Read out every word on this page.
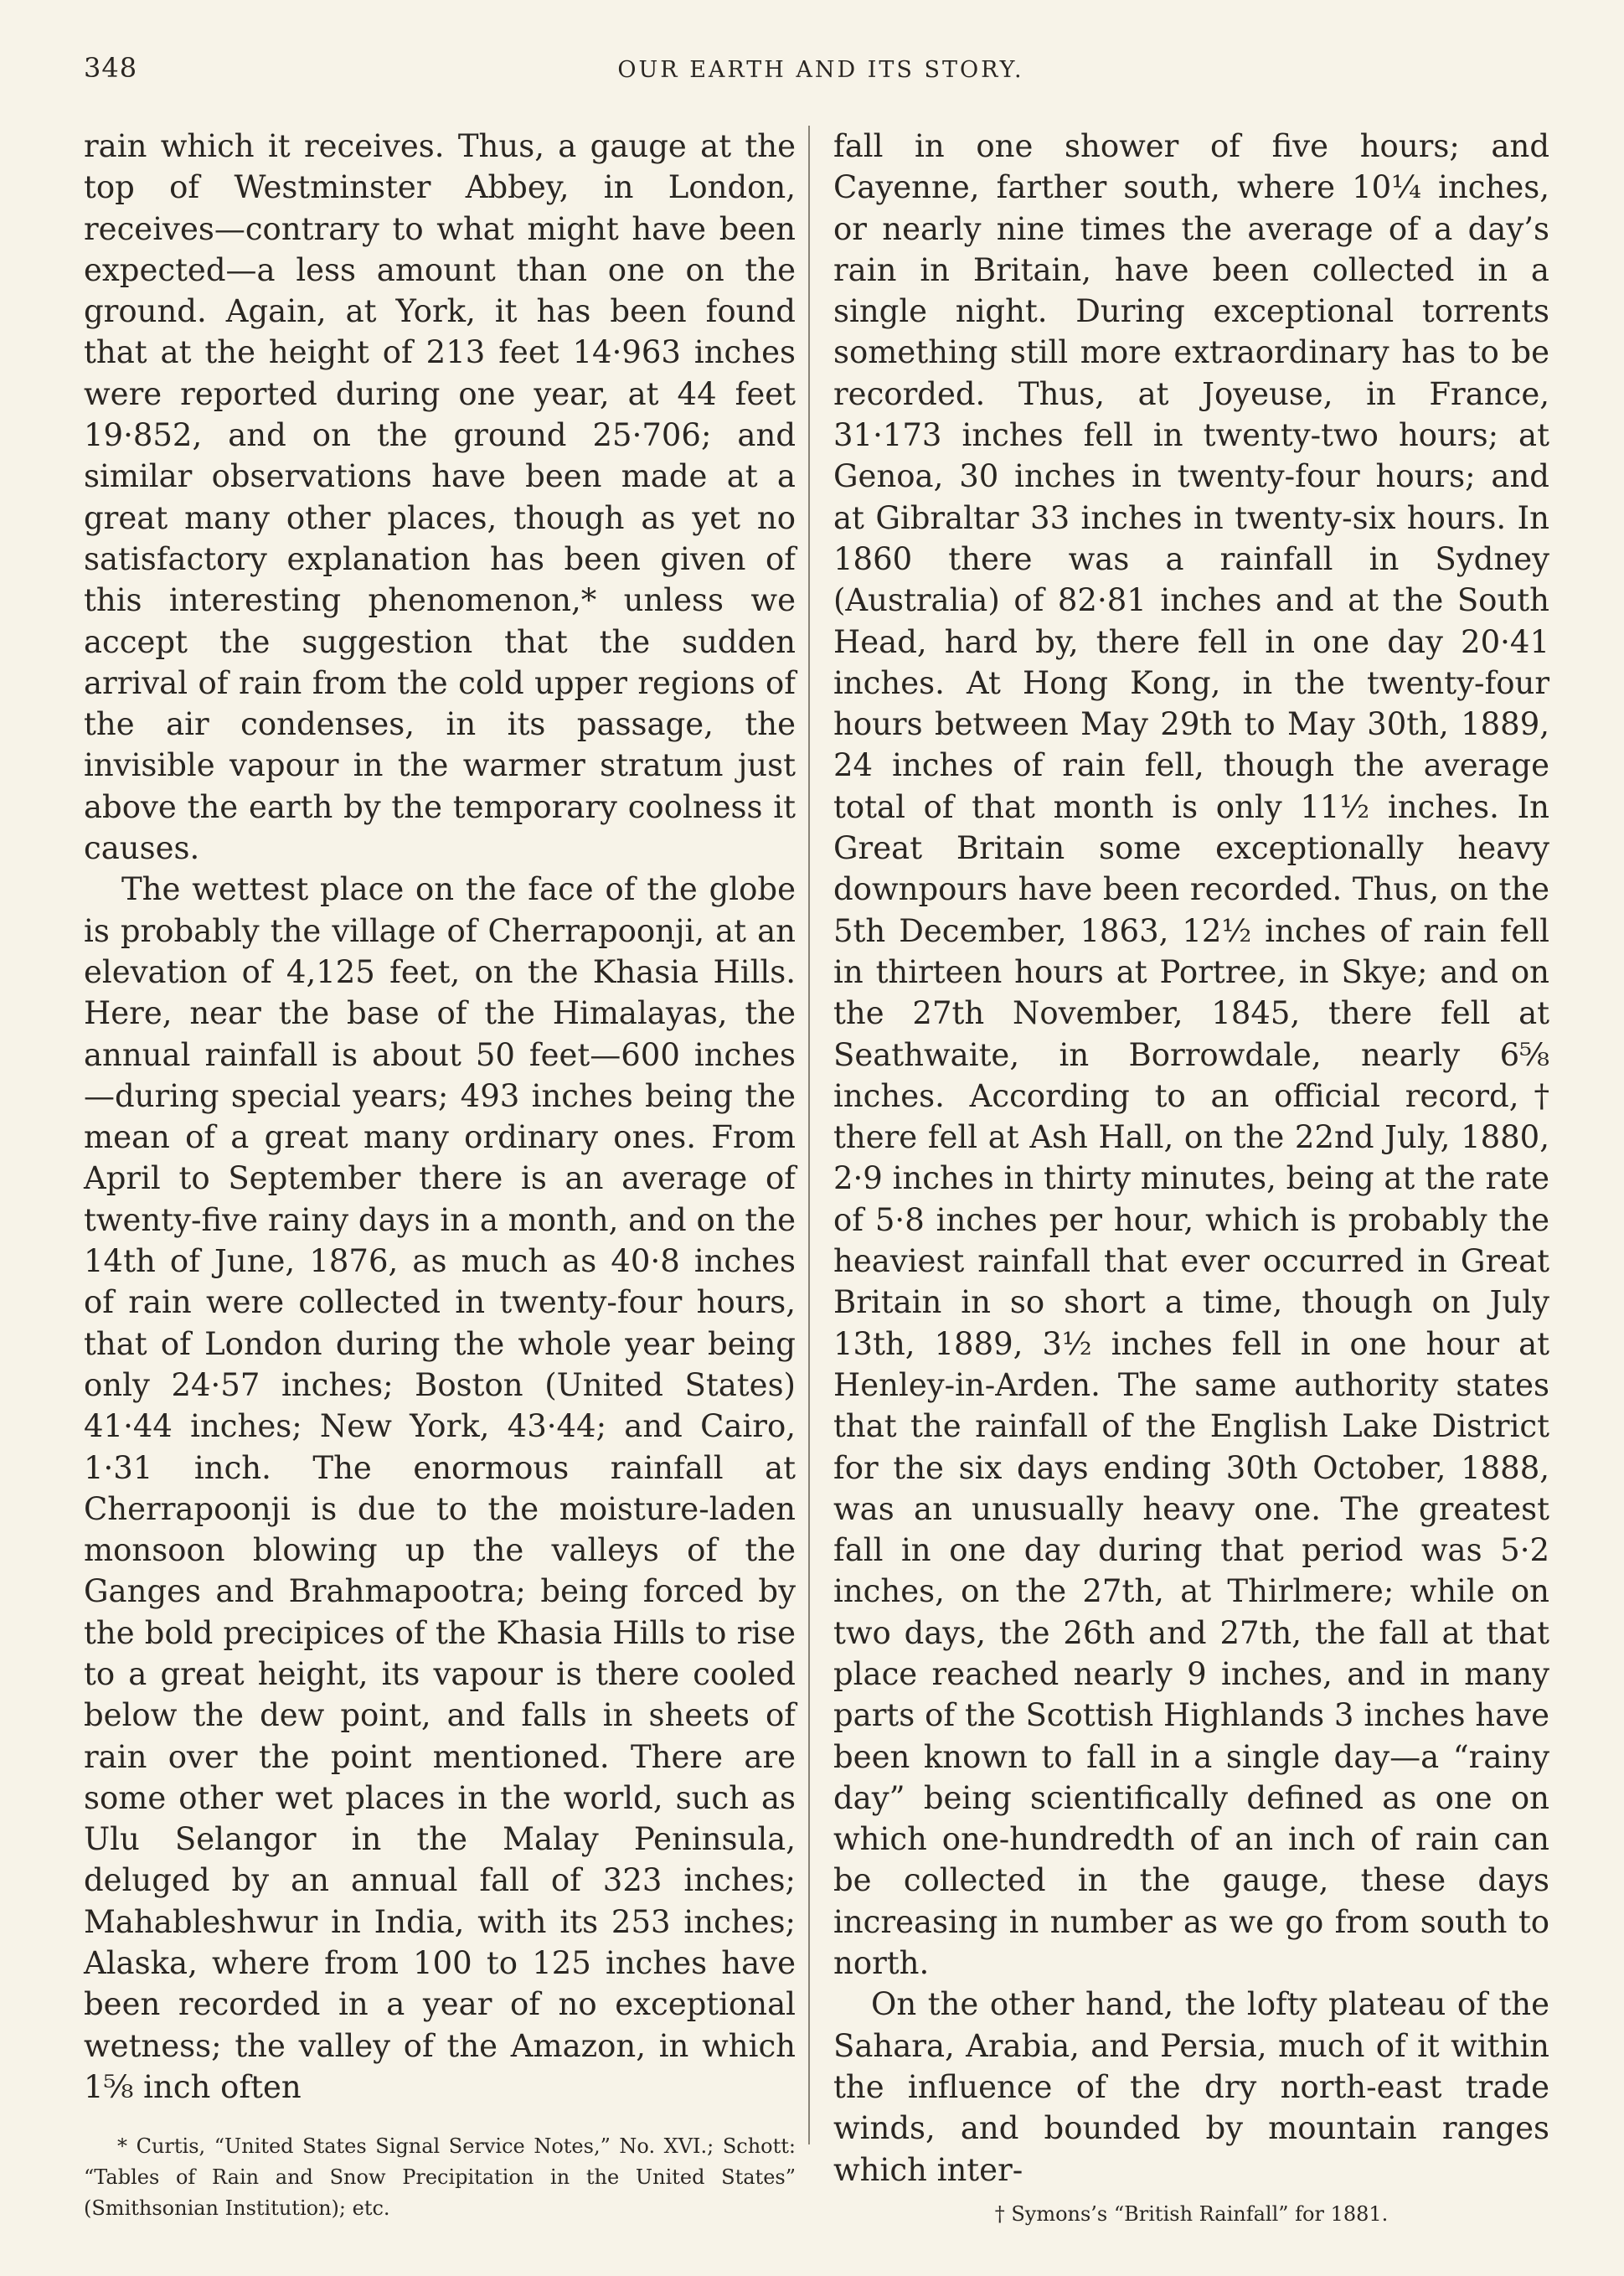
348	OUR EARTH AND ITS STORY.

rain which it receives. Thus, a gauge at the top of Westminster Abbey, in London, receives—contrary to what might have been expected—a less amount than one on the ground. Again, at York, it has been found that at the height of 213 feet 14·963 inches were reported during one year, at 44 feet 19·852, and on the ground 25·706; and similar observations have been made at a great many other places, though as yet no satisfactory explanation has been given of this interesting phenomenon,* unless we accept the suggestion that the sudden arrival of rain from the cold upper regions of the air condenses, in its passage, the invisible vapour in the warmer stratum just above the earth by the temporary coolness it causes.

The wettest place on the face of the globe is probably the village of Cherrapoonji, at an elevation of 4,125 feet, on the Khasia Hills. Here, near the base of the Himalayas, the annual rainfall is about 50 feet—600 inches—during special years; 493 inches being the mean of a great many ordinary ones. From April to September there is an average of twenty-five rainy days in a month, and on the 14th of June, 1876, as much as 40·8 inches of rain were collected in twenty-four hours, that of London during the whole year being only 24·57 inches; Boston (United States) 41·44 inches; New York, 43·44; and Cairo, 1·31 inch. The enormous rainfall at Cherrapoonji is due to the moisture-laden monsoon blowing up the valleys of the Ganges and Brahmapootra; being forced by the bold precipices of the Khasia Hills to rise to a great height, its vapour is there cooled below the dew point, and falls in sheets of rain over the point mentioned. There are some other wet places in the world, such as Ulu Selangor in the Malay Peninsula, deluged by an annual fall of 323 inches; Mahableshwur in India, with its 253 inches; Alaska, where from 100 to 125 inches have been recorded in a year of no exceptional wetness; the valley of the Amazon, in which 1⅝ inch often

* Curtis, “United States Signal Service Notes,” No. XVI.; Schott: “Tables of Rain and Snow Precipitation in the United States” (Smithsonian Institution); etc.

fall in one shower of five hours; and Cayenne, farther south, where 10¼ inches, or nearly nine times the average of a day’s rain in Britain, have been collected in a single night. During exceptional torrents something still more extraordinary has to be recorded. Thus, at Joyeuse, in France, 31·173 inches fell in twenty-two hours; at Genoa, 30 inches in twenty-four hours; and at Gibraltar 33 inches in twenty-six hours. In 1860 there was a rainfall in Sydney (Australia) of 82·81 inches and at the South Head, hard by, there fell in one day 20·41 inches. At Hong Kong, in the twenty-four hours between May 29th to May 30th, 1889, 24 inches of rain fell, though the average total of that month is only 11½ inches. In Great Britain some exceptionally heavy downpours have been recorded. Thus, on the 5th December, 1863, 12½ inches of rain fell in thirteen hours at Portree, in Skye; and on the 27th November, 1845, there fell at Seathwaite, in Borrowdale, nearly 6⅝ inches. According to an official record,† there fell at Ash Hall, on the 22nd July, 1880, 2·9 inches in thirty minutes, being at the rate of 5·8 inches per hour, which is probably the heaviest rainfall that ever occurred in Great Britain in so short a time, though on July 13th, 1889, 3½ inches fell in one hour at Henley-in-Arden. The same authority states that the rainfall of the English Lake District for the six days ending 30th October, 1888, was an unusually heavy one. The greatest fall in one day during that period was 5·2 inches, on the 27th, at Thirlmere; while on two days, the 26th and 27th, the fall at that place reached nearly 9 inches, and in many parts of the Scottish Highlands 3 inches have been known to fall in a single day—a “rainy day” being scientifically defined as one on which one-hundredth of an inch of rain can be collected in the gauge, these days increasing in number as we go from south to north.

On the other hand, the lofty plateau of the Sahara, Arabia, and Persia, much of it within the influence of the dry north-east trade winds, and bounded by mountain ranges which inter-

† Symons’s “British Rainfall” for 1881.
